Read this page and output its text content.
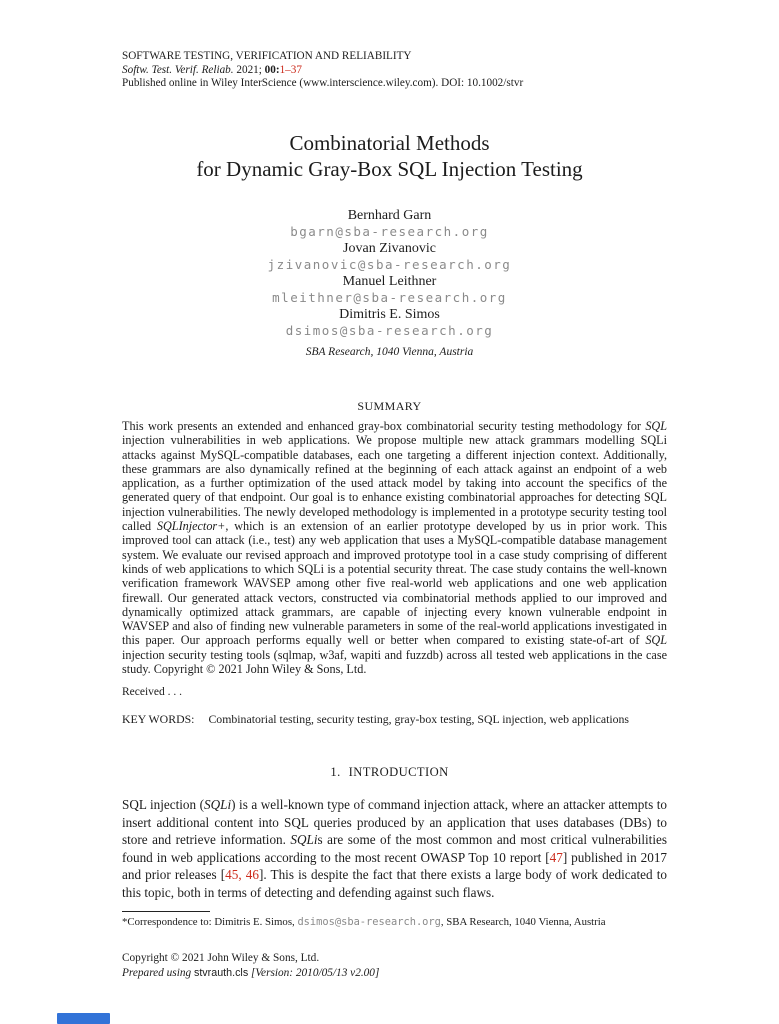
SOFTWARE TESTING, VERIFICATION AND RELIABILITY
Softw. Test. Verif. Reliab. 2021; 00:1–37
Published online in Wiley InterScience (www.interscience.wiley.com). DOI: 10.1002/stvr
Combinatorial Methods
for Dynamic Gray-Box SQL Injection Testing
Bernhard Garn
bgarn@sba-research.org
Jovan Zivanovic
jzivanovic@sba-research.org
Manuel Leithner
mleithner@sba-research.org
Dimitris E. Simos
dsimos@sba-research.org
SBA Research, 1040 Vienna, Austria
SUMMARY
This work presents an extended and enhanced gray-box combinatorial security testing methodology for SQL injection vulnerabilities in web applications. We propose multiple new attack grammars modelling SQLi attacks against MySQL-compatible databases, each one targeting a different injection context. Additionally, these grammars are also dynamically refined at the beginning of each attack against an endpoint of a web application, as a further optimization of the used attack model by taking into account the specifics of the generated query of that endpoint. Our goal is to enhance existing combinatorial approaches for detecting SQL injection vulnerabilities. The newly developed methodology is implemented in a prototype security testing tool called SQLInjector+, which is an extension of an earlier prototype developed by us in prior work. This improved tool can attack (i.e., test) any web application that uses a MySQL-compatible database management system. We evaluate our revised approach and improved prototype tool in a case study comprising of different kinds of web applications to which SQLi is a potential security threat. The case study contains the well-known verification framework WAVSEP among other five real-world web applications and one web application firewall. Our generated attack vectors, constructed via combinatorial methods applied to our improved and dynamically optimized attack grammars, are capable of injecting every known vulnerable endpoint in WAVSEP and also of finding new vulnerable parameters in some of the real-world applications investigated in this paper. Our approach performs equally well or better when compared to existing state-of-art of SQL injection security testing tools (sqlmap, w3af, wapiti and fuzzdb) across all tested web applications in the case study. Copyright © 2021 John Wiley & Sons, Ltd.
Received . . .
KEY WORDS: Combinatorial testing, security testing, gray-box testing, SQL injection, web applications
1. INTRODUCTION
SQL injection (SQLi) is a well-known type of command injection attack, where an attacker attempts to insert additional content into SQL queries produced by an application that uses databases (DBs) to store and retrieve information. SQLis are some of the most common and most critical vulnerabilities found in web applications according to the most recent OWASP Top 10 report [47] published in 2017 and prior releases [45, 46]. This is despite the fact that there exists a large body of work dedicated to this topic, both in terms of detecting and defending against such flaws.
*Correspondence to: Dimitris E. Simos, dsimos@sba-research.org, SBA Research, 1040 Vienna, Austria
Copyright © 2021 John Wiley & Sons, Ltd.
Prepared using stvrauth.cls [Version: 2010/05/13 v2.00]
